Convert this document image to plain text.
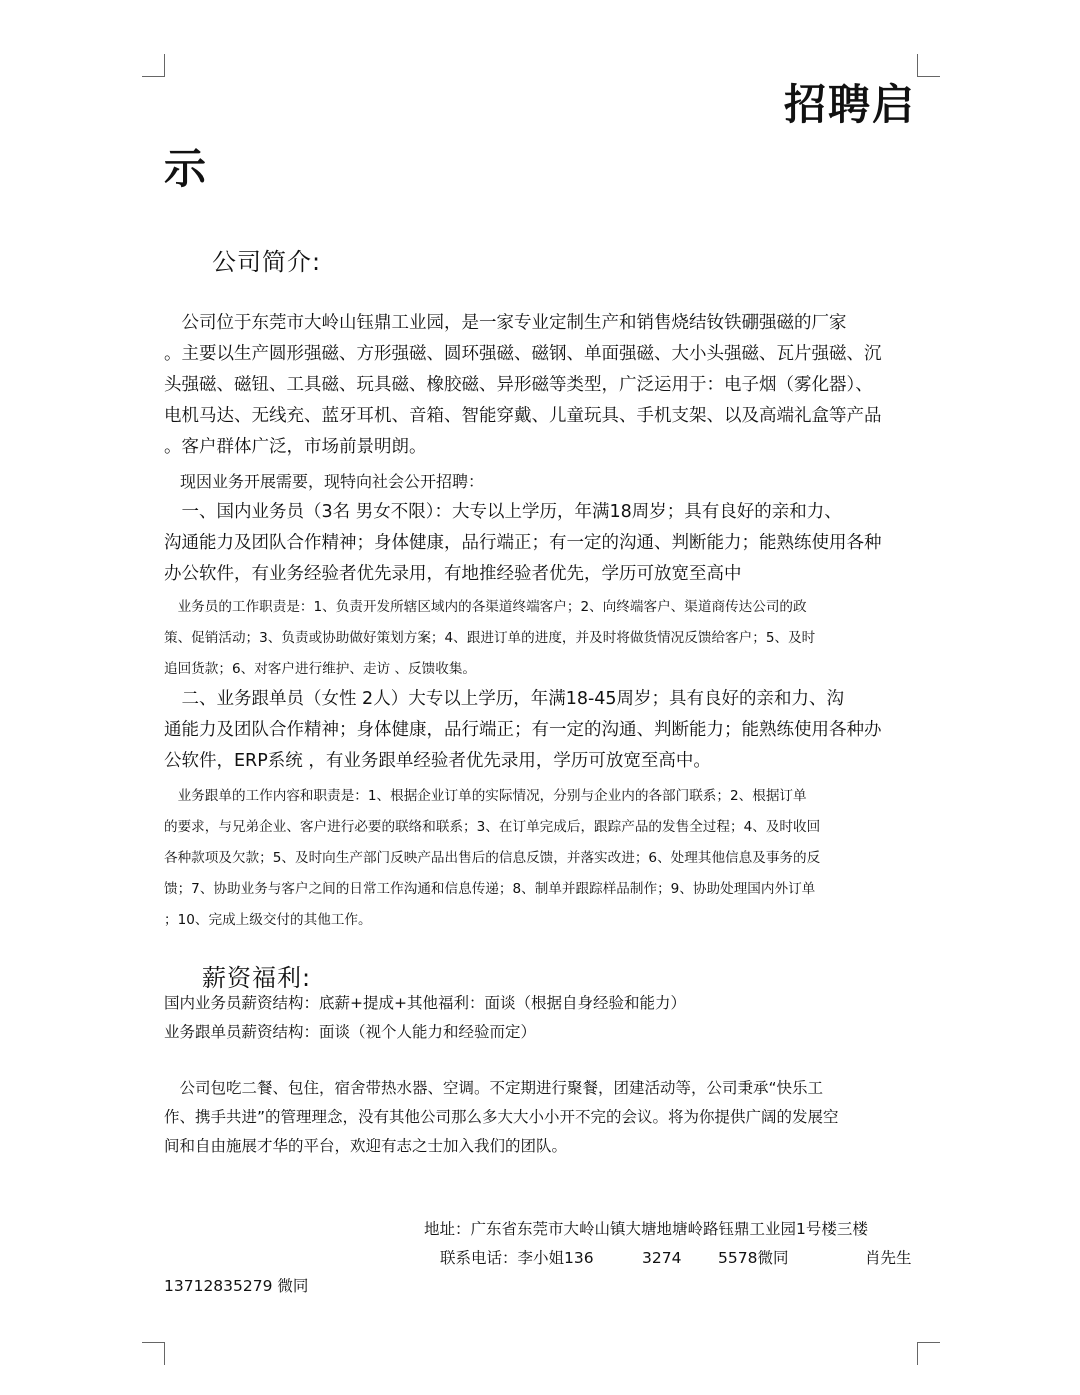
招聘启
示
公司简介:
　公司位于东莞市大岭山钰鼎工业园，是一家专业定制生产和销售烧结钕铁硼强磁的厂家
。主要以生产圆形强磁、方形强磁、圆环强磁、磁钢、单面强磁、大小头强磁、瓦片强磁、沉
头强磁、磁钮、工具磁、玩具磁、橡胶磁、异形磁等类型，广泛运用于：电子烟（雾化器）、
电机马达、无线充、蓝牙耳机、音箱、智能穿戴、儿童玩具、手机支架、以及高端礼盒等产品
。客户群体广泛，市场前景明朗。
　现因业务开展需要，现特向社会公开招聘：
　一、国内业务员（3名 男女不限）：大专以上学历，年满18周岁；具有良好的亲和力、
沟通能力及团队合作精神；身体健康，品行端正；有一定的沟通、判断能力；能熟练使用各种
办公软件，有业务经验者优先录用，有地推经验者优先，学历可放宽至高中
　业务员的工作职责是：1、负责开发所辖区域内的各渠道终端客户；2、向终端客户、渠道商传达公司的政
策、促销活动；3、负责或协助做好策划方案；4、跟进订单的进度，并及时将做货情况反馈给客户；5、及时
追回货款；6、对客户进行维护、走访 、反馈收集。
　二、业务跟单员（女性 2人）大专以上学历，年满18-45周岁；具有良好的亲和力、沟
通能力及团队合作精神；身体健康，品行端正；有一定的沟通、判断能力；能熟练使用各种办
公软件，ERP系统 ，有业务跟单经验者优先录用，学历可放宽至高中。
　业务跟单的工作内容和职责是：1、根据企业订单的实际情况，分别与企业内的各部门联系；2、根据订单
的要求，与兄弟企业、客户进行必要的联络和联系；3、在订单完成后，跟踪产品的发售全过程；4、及时收回
各种款项及欠款；5、及时向生产部门反映产品出售后的信息反馈，并落实改进；6、处理其他信息及事务的反
馈；7、协助业务与客户之间的日常工作沟通和信息传递；8、制单并跟踪样品制作；9、协助处理国内外订单
；10、完成上级交付的其他工作。
薪资福利:
国内业务员薪资结构：底薪+提成+其他福利：面谈（根据自身经验和能力）
业务跟单员薪资结构：面谈（视个人能力和经验而定）
　公司包吃二餐、包住，宿舍带热水器、空调。不定期进行聚餐，团建活动等，公司秉承“快乐工
作、携手共进”的管理理念，没有其他公司那么多大大小小开不完的会议。将为你提供广阔的发展空
间和自由施展才华的平台，欢迎有志之士加入我们的团队。
地址：广东省东莞市大岭山镇大塘地塘岭路钰鼎工业园1号楼三楼
联系电话：李小姐136	3274 5578微同	肖先生
13712835279 微同
